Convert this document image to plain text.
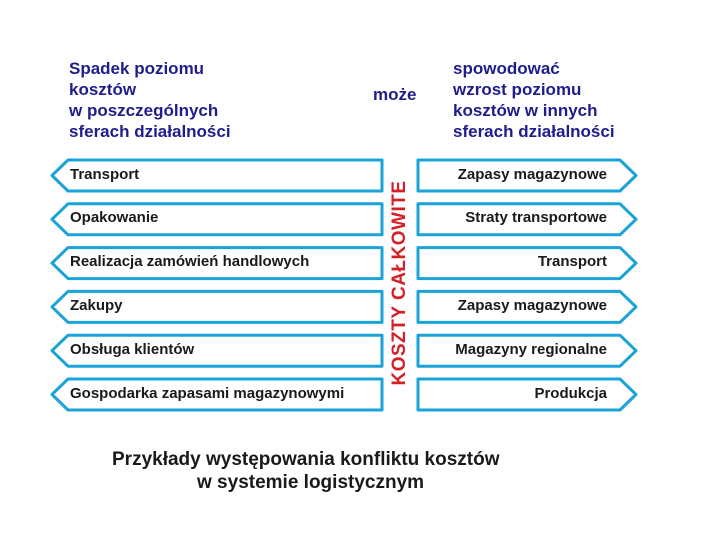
Spadek poziomu
kosztów
w poszczególnych
sferach działalności
może
spowodować
wzrost poziomu
kosztów w innych
sferach działalności
Transport	Zapasy magazynowe
Opakowanie	Straty transportowe
Realizacja zamówień handlowych	Transport
Zakupy	Zapasy magazynowe
Obsługa klientów	Magazyny regionalne
Gospodarka zapasami magazynowymi	Produkcja
KOSZTY CAŁKOWITE
Przykłady występowania konfliktu kosztów
w systemie logistycznym
